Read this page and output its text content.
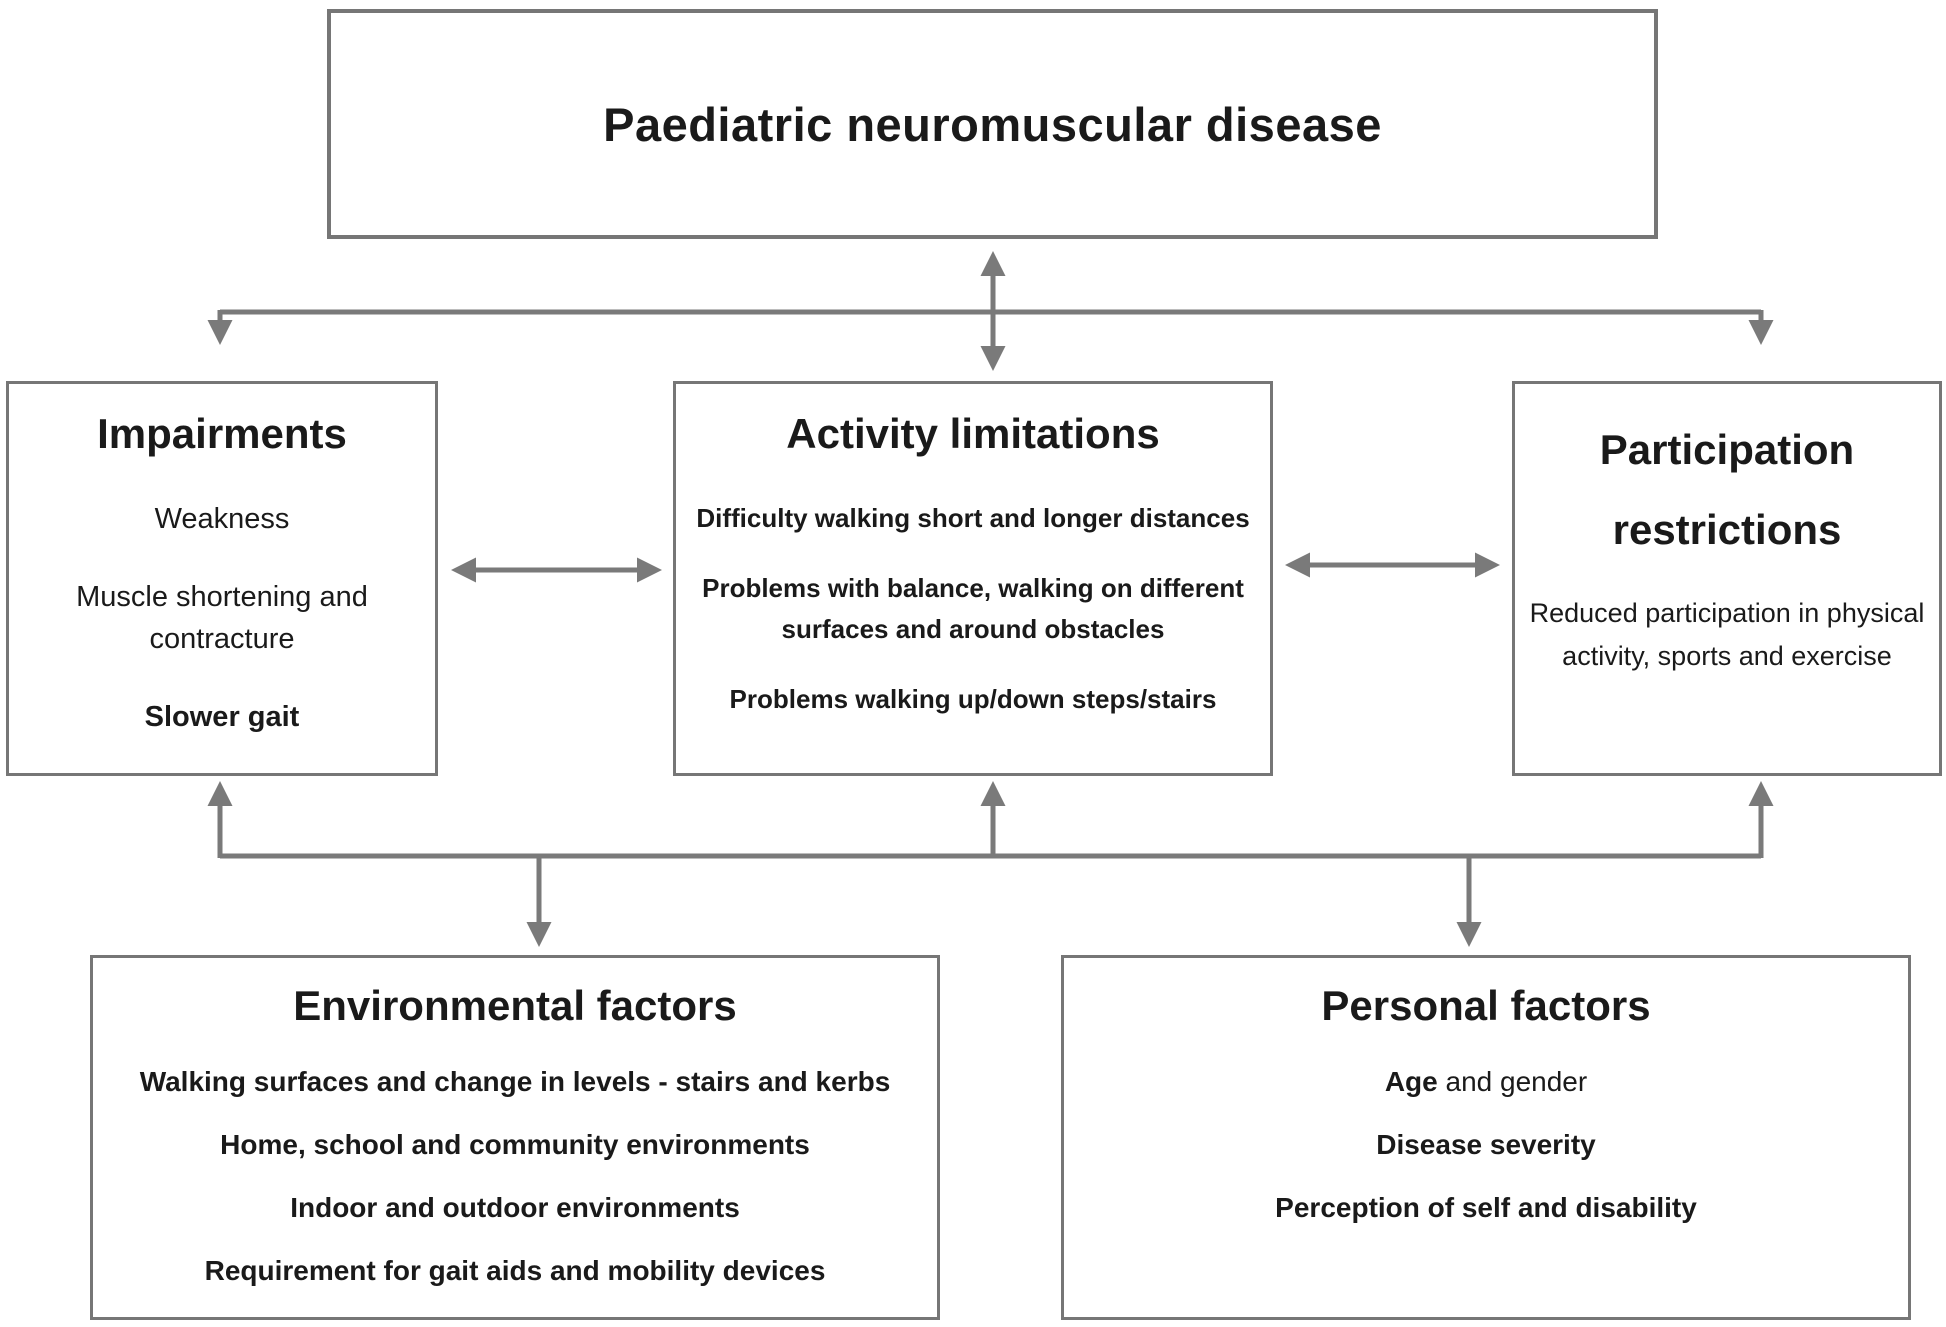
Paediatric neuromuscular disease
Impairments

Weakness

Muscle shortening and contracture

Slower gait

Activity limitations

Difficulty walking short and longer distances

Problems with balance, walking on different surfaces and around obstacles

Problems walking up/down steps/stairs

Participation restrictions

Reduced participation in physical activity, sports and exercise

Environmental factors

Walking surfaces and change in levels - stairs and kerbs

Home, school and community environments

Indoor and outdoor environments

Requirement for gait aids and mobility devices

Personal factors

Age and gender

Disease severity

Perception of self and disability
